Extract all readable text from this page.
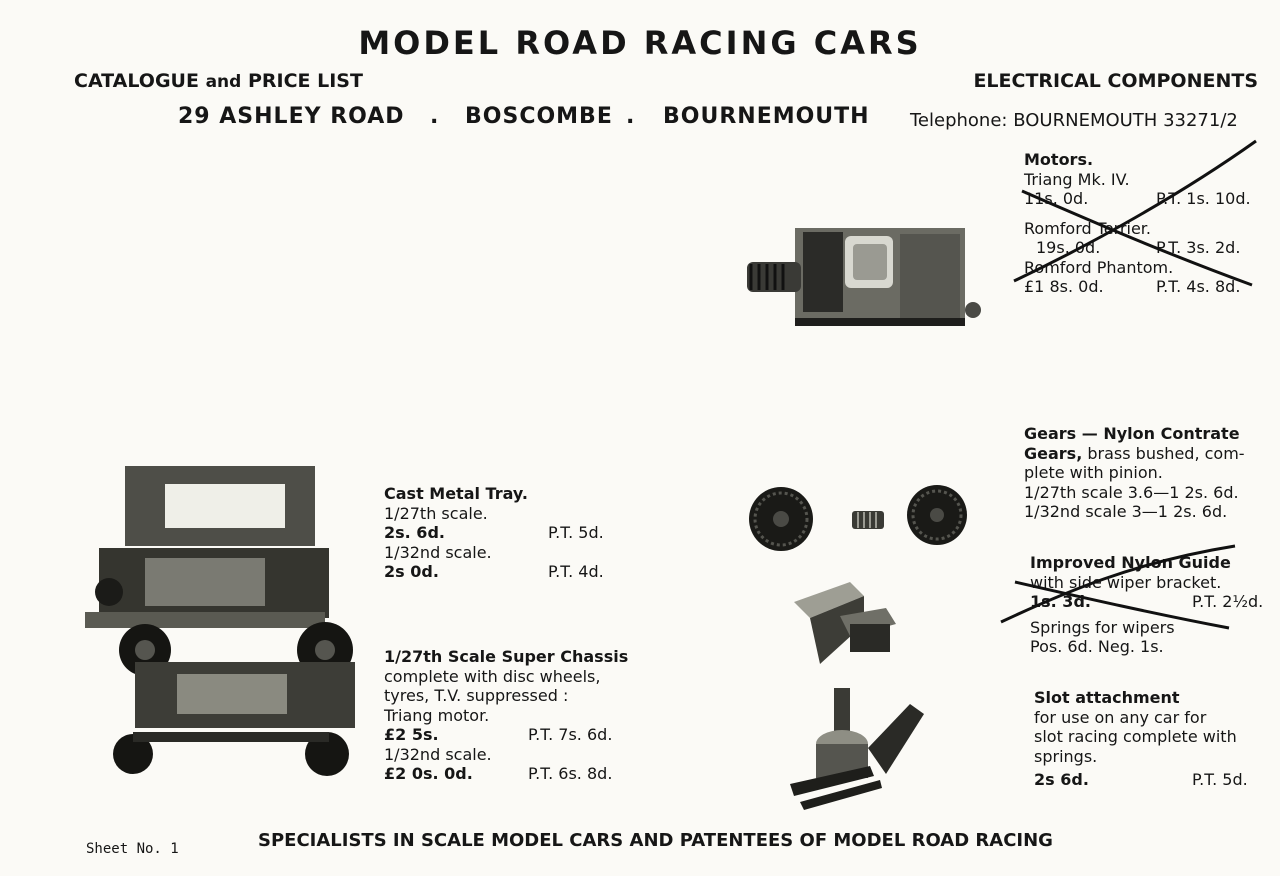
MODEL ROAD RACING CARS
CATALOGUE and PRICE LIST	ELECTRICAL COMPONENTS
29 ASHLEY ROAD . BOSCOMBE . BOURNEMOUTH Telephone: BOURNEMOUTH 33271/2
Motors.
Triang Mk. IV.
11s. 0d.	P.T. 1s. 10d.
Romford Terrier.
19s. 0d.	P.T. 3s. 2d.
Romford Phantom.
£1 8s. 0d.	P.T. 4s. 8d.
Cast Metal Tray.
1/27th scale.
2s. 6d.	P.T. 5d.
1/32nd scale.
2s 0d.	P.T. 4d.
1/27th Scale Super Chassis
complete with disc wheels,
tyres, T.V. suppressed :
Triang motor.
£2 5s.	P.T. 7s. 6d.
1/32nd scale.
£2 0s. 0d.	P.T. 6s. 8d.
Gears — Nylon Contrate
Gears, brass bushed, com-
plete with pinion.
1/27th scale 3.6—1 2s. 6d.
1/32nd scale 3—1 2s. 6d.
Improved Nylon Guide
with side wiper bracket.
1s. 3d.	P.T. 2½d.
Springs for wipers
Pos. 6d. Neg. 1s.
Slot attachment
for use on any car for
slot racing complete with
springs.
2s 6d.	P.T. 5d.
Sheet No. 1	SPECIALISTS IN SCALE MODEL CARS AND PATENTEES OF MODEL ROAD RACING
